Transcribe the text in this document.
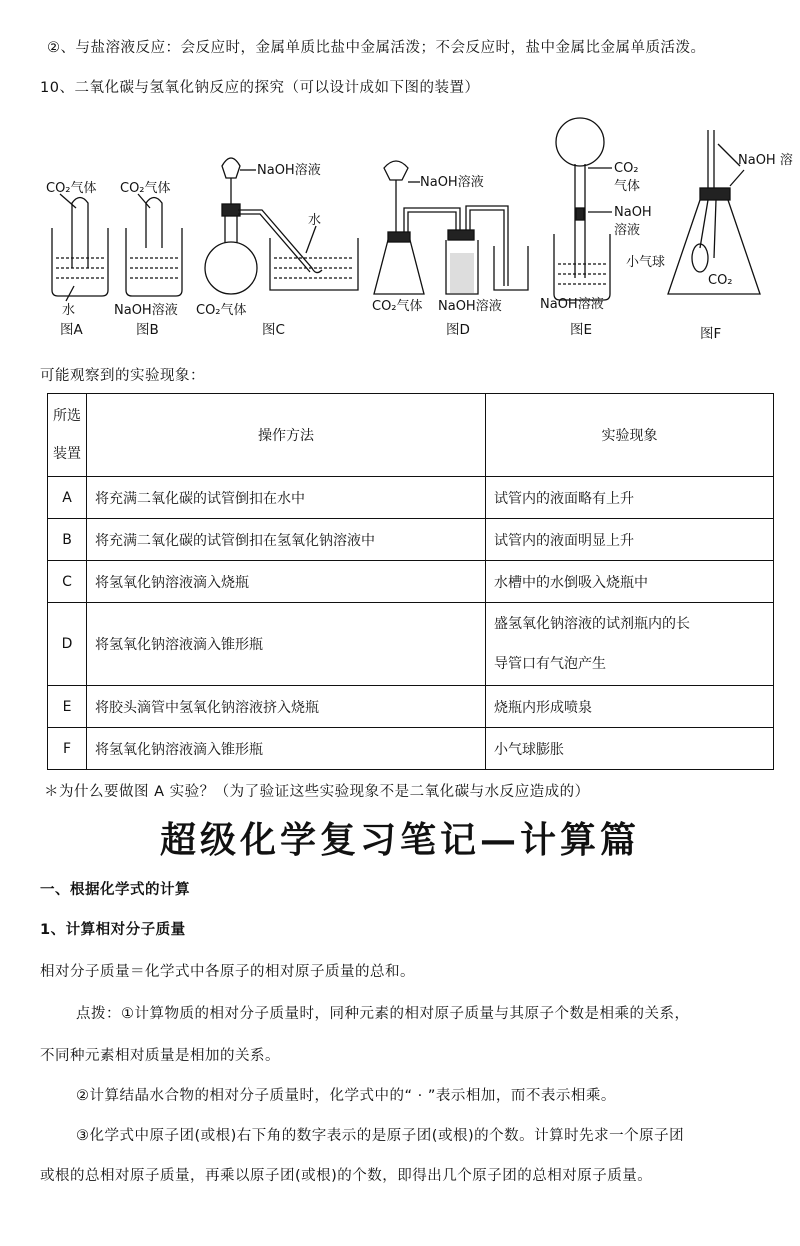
②、与盐溶液反应：会反应时，金属单质比盐中金属活泼；不会反应时，盐中金属比金属单质活泼。
10、二氧化碳与氢氧化钠反应的探究（可以设计成如下图的装置）
CO₂气体 CO₂气体
水	NaOH溶液
NaOH溶液
水
CO₂气体
NaOH溶液
CO₂气体 NaOH溶液
CO₂
气体
NaOH
溶液
NaOH溶液
NaOH 溶
小气球
CO₂
图A	图B	图C	图D	图E	图F
可能观察到的实验现象：
所选
装置	操作方法	实验现象
A	将充满二氧化碳的试管倒扣在水中	试管内的液面略有上升
B	将充满二氧化碳的试管倒扣在氢氧化钠溶液中	试管内的液面明显上升
C	将氢氧化钠溶液滴入烧瓶	水槽中的水倒吸入烧瓶中
D	将氢氧化钠溶液滴入锥形瓶	盛氢氧化钠溶液的试剂瓶内的长
导管口有气泡产生

E	将胶头滴管中氢氧化钠溶液挤入烧瓶	烧瓶内形成喷泉
F	将氢氧化钠溶液滴入锥形瓶	小气球膨胀
＊为什么要做图 A 实验？（为了验证这些实验现象不是二氧化碳与水反应造成的）
超级化学复习笔记—计算篇
一、根据化学式的计算
1、计算相对分子质量
相对分子质量＝化学式中各原子的相对原子质量的总和。
点拨：①计算物质的相对分子质量时，同种元素的相对原子质量与其原子个数是相乘的关系，
不同种元素相对质量是相加的关系。
②计算结晶水合物的相对分子质量时，化学式中的“ · ”表示相加，而不表示相乘。
③化学式中原子团(或根)右下角的数字表示的是原子团(或根)的个数。计算时先求一个原子团
或根的总相对原子质量，再乘以原子团(或根)的个数，即得出几个原子团的总相对原子质量。
